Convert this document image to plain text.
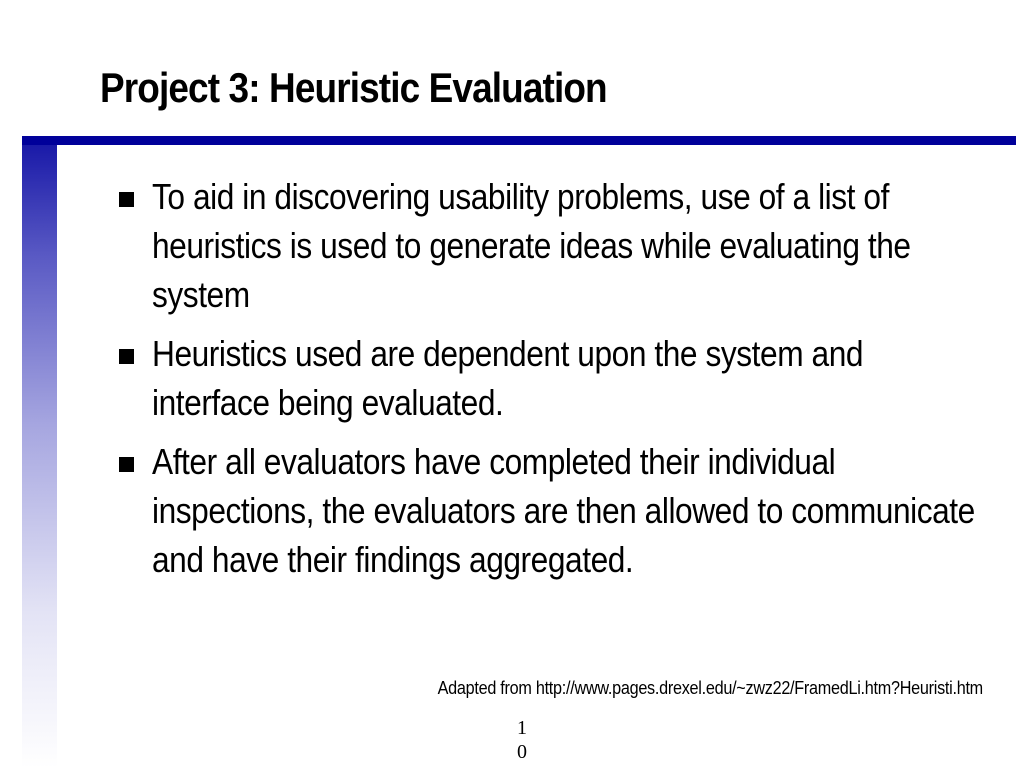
Project 3: Heuristic Evaluation
To aid in discovering usability problems, use of a list of heuristics is used to generate ideas while evaluating the system
Heuristics used are dependent upon the system and interface being evaluated.
After all evaluators have completed their individual inspections, the evaluators are then allowed to communicate and have their findings aggregated.
Adapted from http://www.pages.drexel.edu/~zwz22/FramedLi.htm?Heuristi.htm
10
